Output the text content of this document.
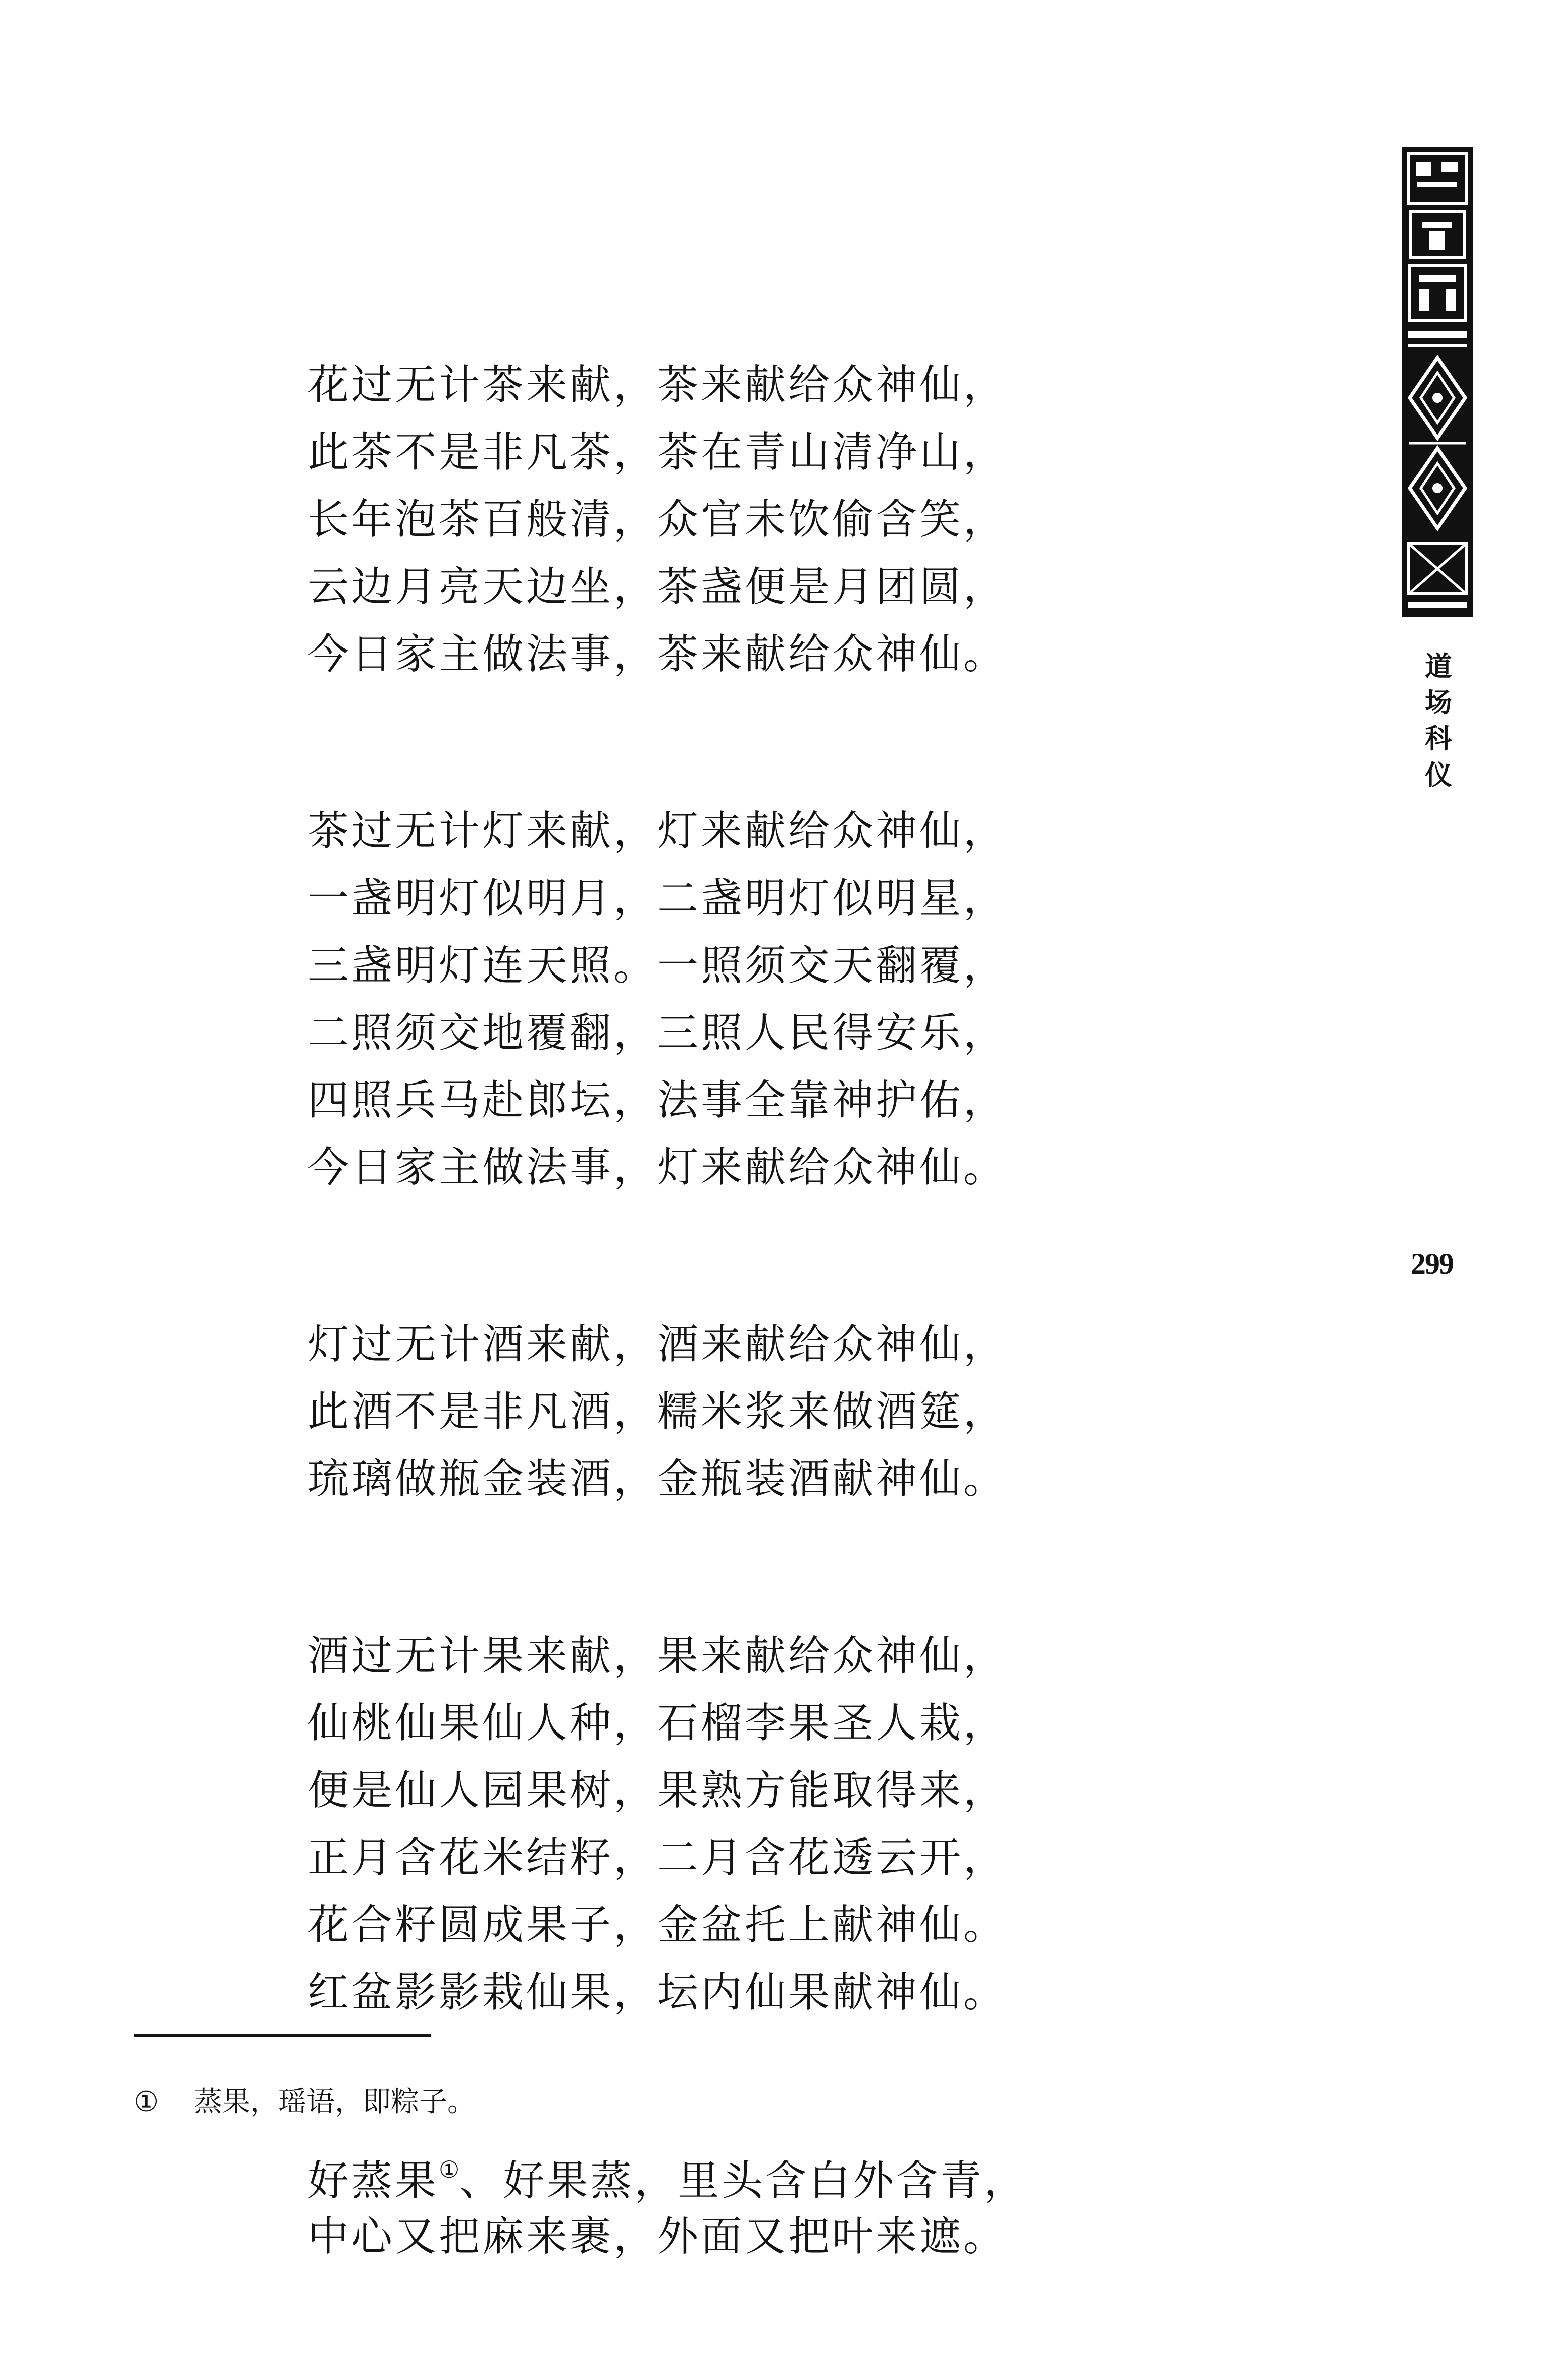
道
场
科
仪
299
花过无计茶来献，茶来献给众神仙，
此茶不是非凡茶，茶在青山清净山，
长年泡茶百般清，众官未饮偷含笑，
云边月亮天边坐，茶盏便是月团圆，
今日家主做法事，茶来献给众神仙。
茶过无计灯来献，灯来献给众神仙，
一盏明灯似明月，二盏明灯似明星，
三盏明灯连天照。一照须交天翻覆，
二照须交地覆翻，三照人民得安乐，
四照兵马赴郎坛，法事全靠神护佑，
今日家主做法事，灯来献给众神仙。
灯过无计酒来献，酒来献给众神仙，
此酒不是非凡酒，糯米浆来做酒筵，
琉璃做瓶金装酒，金瓶装酒献神仙。
酒过无计果来献，果来献给众神仙，
仙桃仙果仙人种，石榴李果圣人栽，
便是仙人园果树，果熟方能取得来，
正月含花米结籽，二月含花透云开，
花合籽圆成果子，金盆托上献神仙。
红盆影影栽仙果，坛内仙果献神仙。
好蒸果①、好果蒸，里头含白外含青，
中心又把麻来裹，外面又把叶来遮。
① 蒸果，瑶语，即粽子。
